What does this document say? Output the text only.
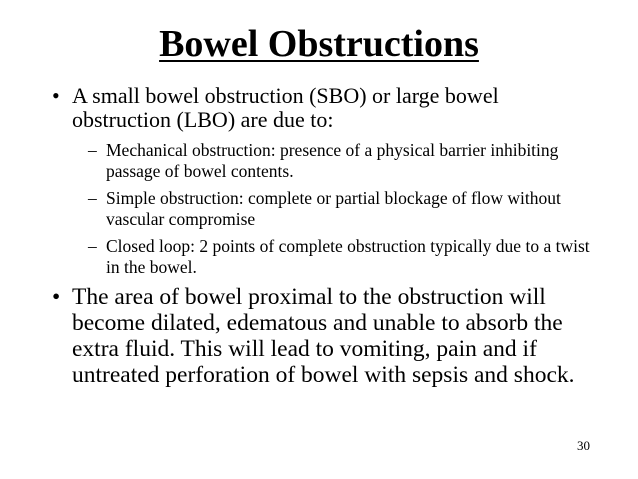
Bowel Obstructions
• A small bowel obstruction (SBO) or large bowel obstruction (LBO) are due to:
– Mechanical obstruction: presence of a physical barrier inhibiting passage of bowel contents.
– Simple obstruction: complete or partial blockage of flow without vascular compromise
– Closed loop: 2 points of complete obstruction typically due to a twist in the bowel.
• The area of bowel proximal to the obstruction will become dilated, edematous and unable to absorb the extra fluid. This will lead to vomiting, pain and if untreated perforation of bowel with sepsis and shock.
30
